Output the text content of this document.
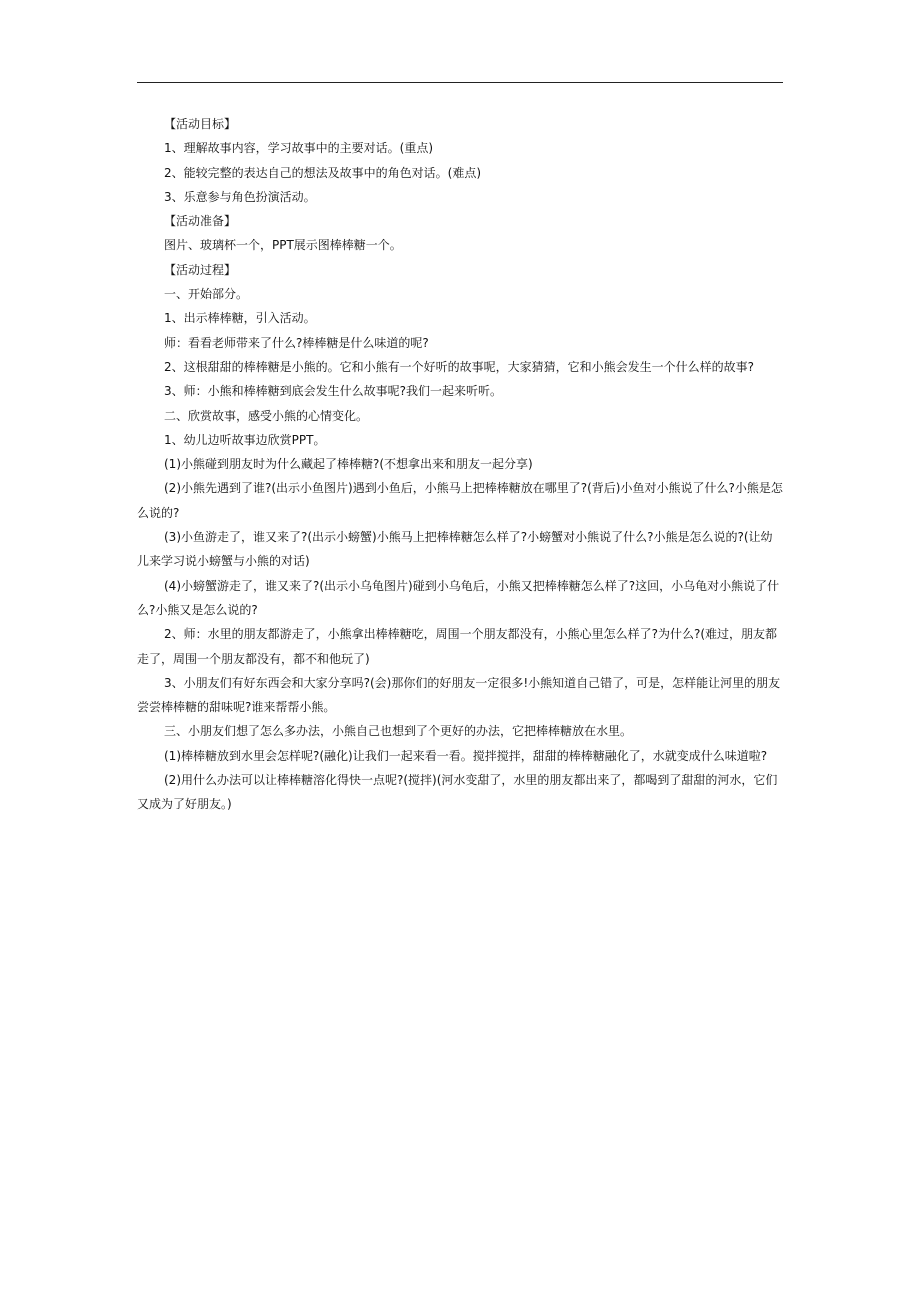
【活动目标】

1、理解故事内容，学习故事中的主要对话。(重点)

2、能较完整的表达自己的想法及故事中的角色对话。(难点)

3、乐意参与角色扮演活动。

【活动准备】

图片、玻璃杯一个，PPT展示图棒棒糖一个。

【活动过程】

一、开始部分。

1、出示棒棒糖，引入活动。

师：看看老师带来了什么?棒棒糖是什么味道的呢?

2、这根甜甜的棒棒糖是小熊的。它和小熊有一个好听的故事呢，大家猜猜，它和小熊会发生一个什么样的故事?

3、师：小熊和棒棒糖到底会发生什么故事呢?我们一起来听听。

二、欣赏故事，感受小熊的心情变化。

1、幼儿边听故事边欣赏PPT。

(1)小熊碰到朋友时为什么藏起了棒棒糖?(不想拿出来和朋友一起分享)

(2)小熊先遇到了谁?(出示小鱼图片)遇到小鱼后，小熊马上把棒棒糖放在哪里了?(背后)小鱼对小熊说了什么?小熊是怎么说的?

(3)小鱼游走了，谁又来了?(出示小螃蟹)小熊马上把棒棒糖怎么样了?小螃蟹对小熊说了什么?小熊是怎么说的?(让幼儿来学习说小螃蟹与小熊的对话)

(4)小螃蟹游走了，谁又来了?(出示小乌龟图片)碰到小乌龟后，小熊又把棒棒糖怎么样了?这回，小乌龟对小熊说了什么?小熊又是怎么说的?

2、师：水里的朋友都游走了，小熊拿出棒棒糖吃，周围一个朋友都没有，小熊心里怎么样了?为什么?(难过，朋友都走了，周围一个朋友都没有，都不和他玩了)

3、小朋友们有好东西会和大家分享吗?(会)那你们的好朋友一定很多!小熊知道自己错了，可是，怎样能让河里的朋友尝尝棒棒糖的甜味呢?谁来帮帮小熊。

三、小朋友们想了怎么多办法，小熊自己也想到了个更好的办法，它把棒棒糖放在水里。

(1)棒棒糖放到水里会怎样呢?(融化)让我们一起来看一看。搅拌搅拌，甜甜的棒棒糖融化了，水就变成什么味道啦?

(2)用什么办法可以让棒棒糖溶化得快一点呢?(搅拌)(河水变甜了，水里的朋友都出来了，都喝到了甜甜的河水，它们又成为了好朋友。)
